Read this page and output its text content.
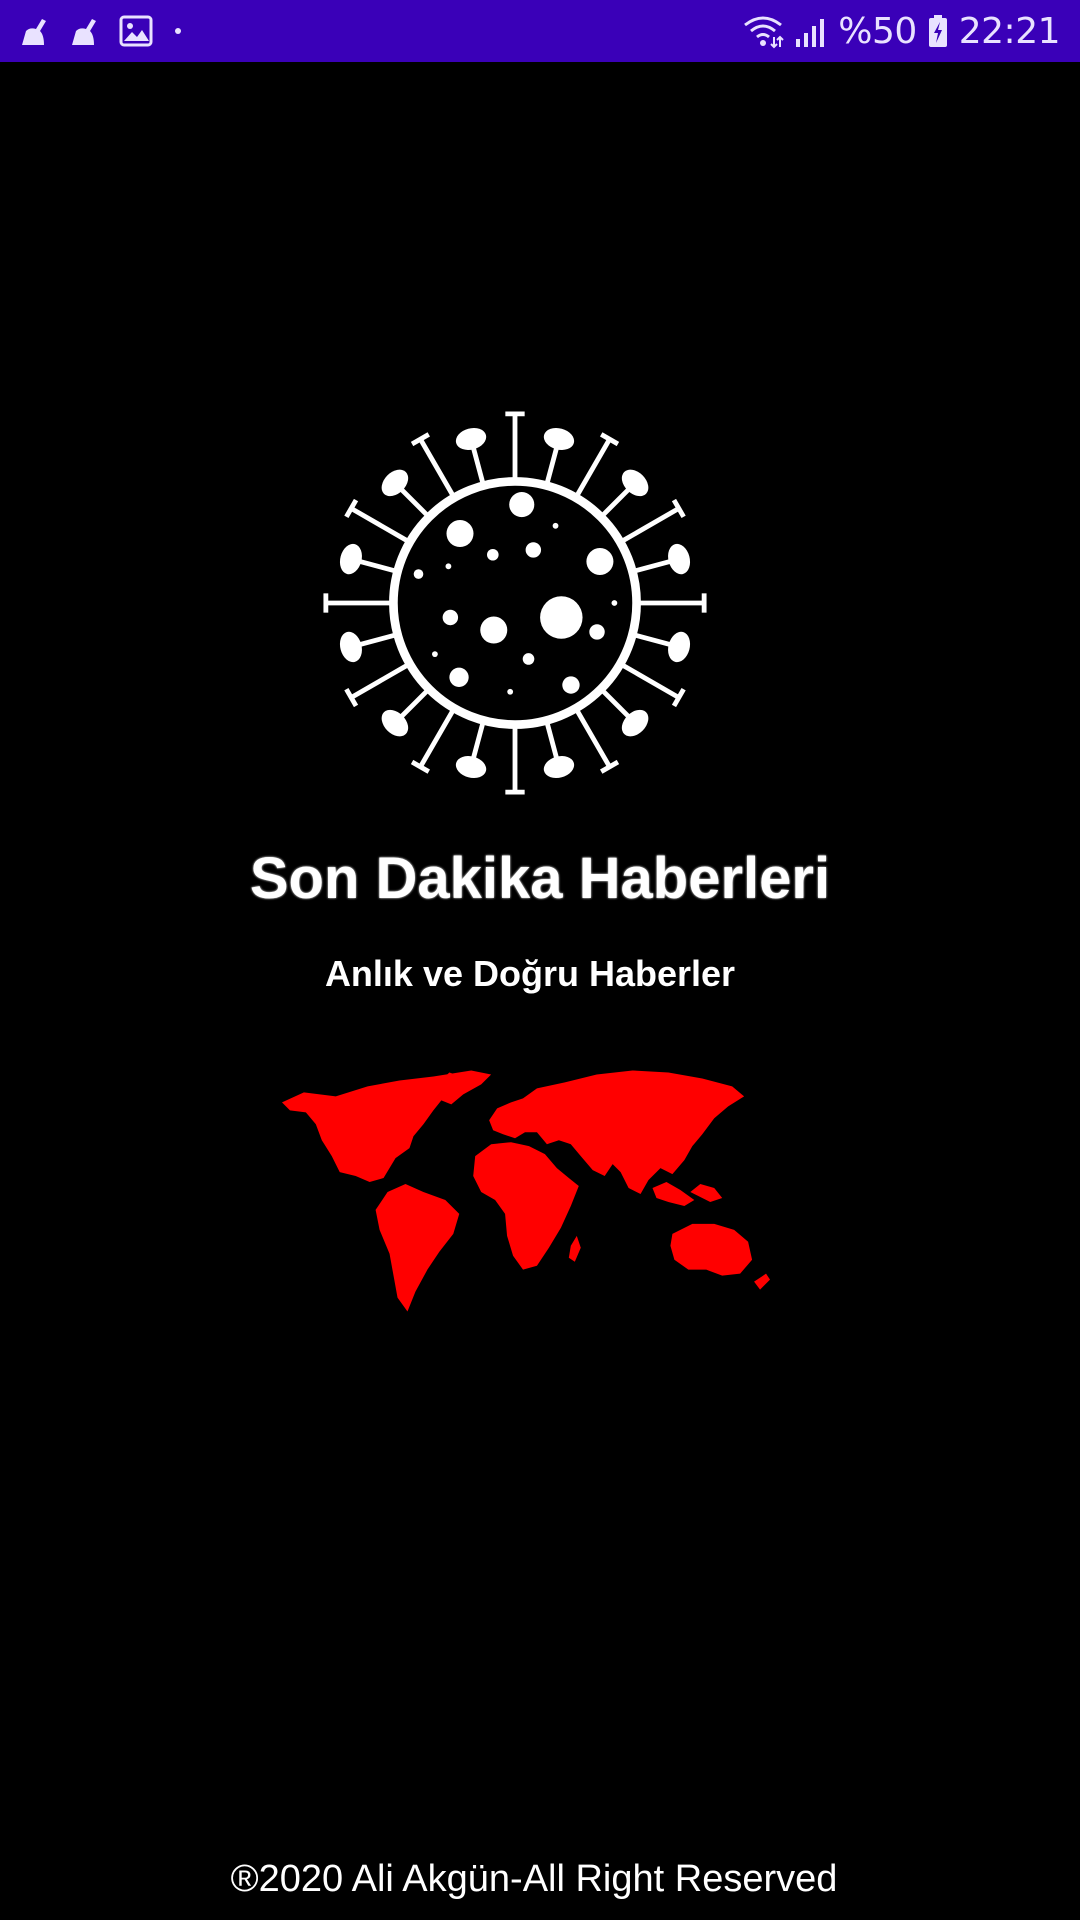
%50 22:21
Son Dakika Haberleri
Anlık ve Doğru Haberler
®2020 Ali Akgün-All Right Reserved
